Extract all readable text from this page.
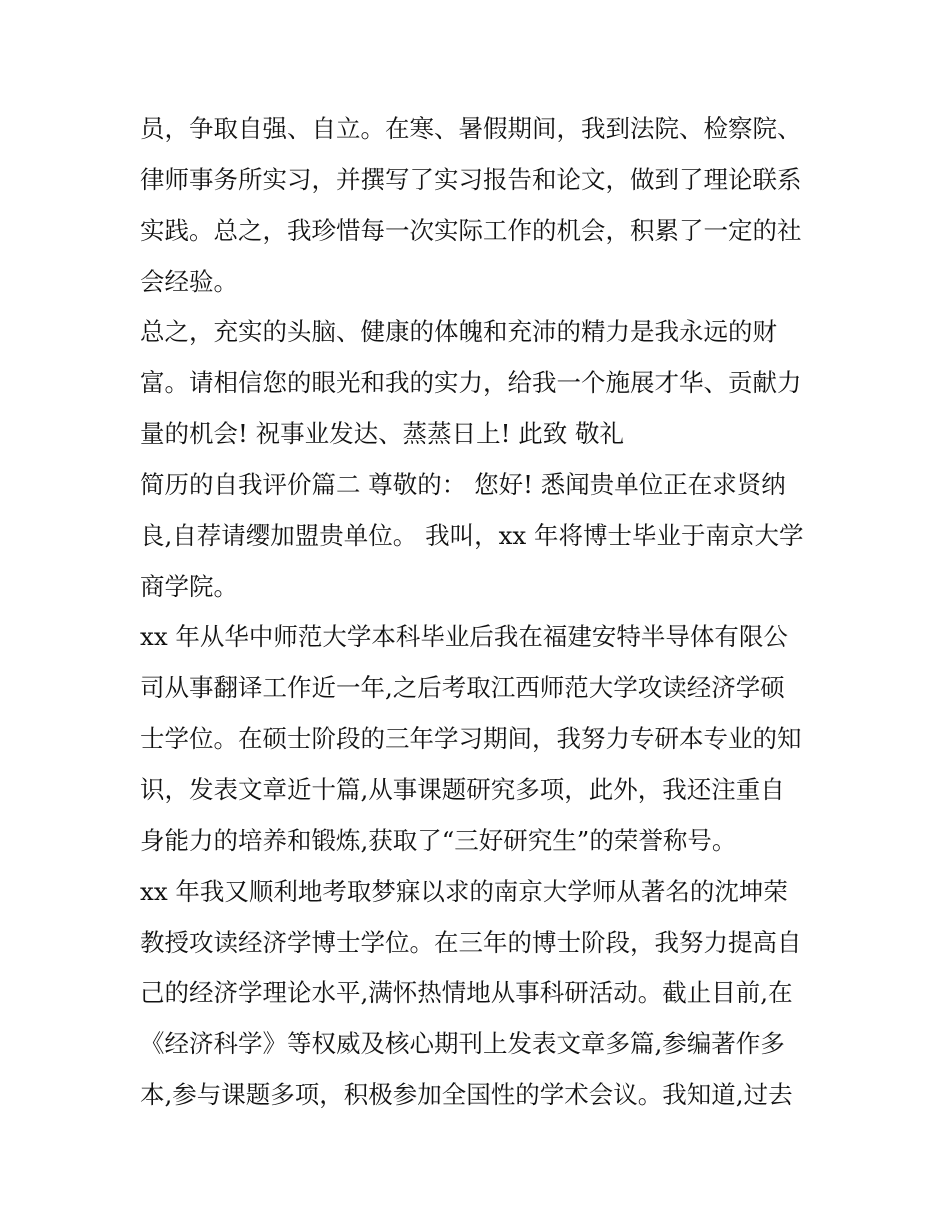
员，争取自强、自立。在寒、暑假期间，我到法院、检察院、
律师事务所实习，并撰写了实习报告和论文，做到了理论联系
实践。总之，我珍惜每一次实际工作的机会，积累了一定的社
会经验。
总之，充实的头脑、健康的体魄和充沛的精力是我永远的财
富。请相信您的眼光和我的实力，给我一个施展才华、贡献力
量的机会! 祝事业发达、蒸蒸日上! 此致 敬礼
简历的自我评价篇二 尊敬的： 您好! 悉闻贵单位正在求贤纳
良,自荐请缨加盟贵单位。 我叫，xx 年将博士毕业于南京大学
商学院。
xx 年从华中师范大学本科毕业后我在福建安特半导体有限公
司从事翻译工作近一年,之后考取江西师范大学攻读经济学硕
士学位。在硕士阶段的三年学习期间，我努力专研本专业的知
识，发表文章近十篇,从事课题研究多项，此外，我还注重自
身能力的培养和锻炼,获取了“三好研究生”的荣誉称号。
xx 年我又顺利地考取梦寐以求的南京大学师从著名的沈坤荣
教授攻读经济学博士学位。在三年的博士阶段，我努力提高自
己的经济学理论水平,满怀热情地从事科研活动。截止目前,在
《经济科学》等权威及核心期刊上发表文章多篇,参编著作多
本,参与课题多项，积极参加全国性的学术会议。我知道,过去
